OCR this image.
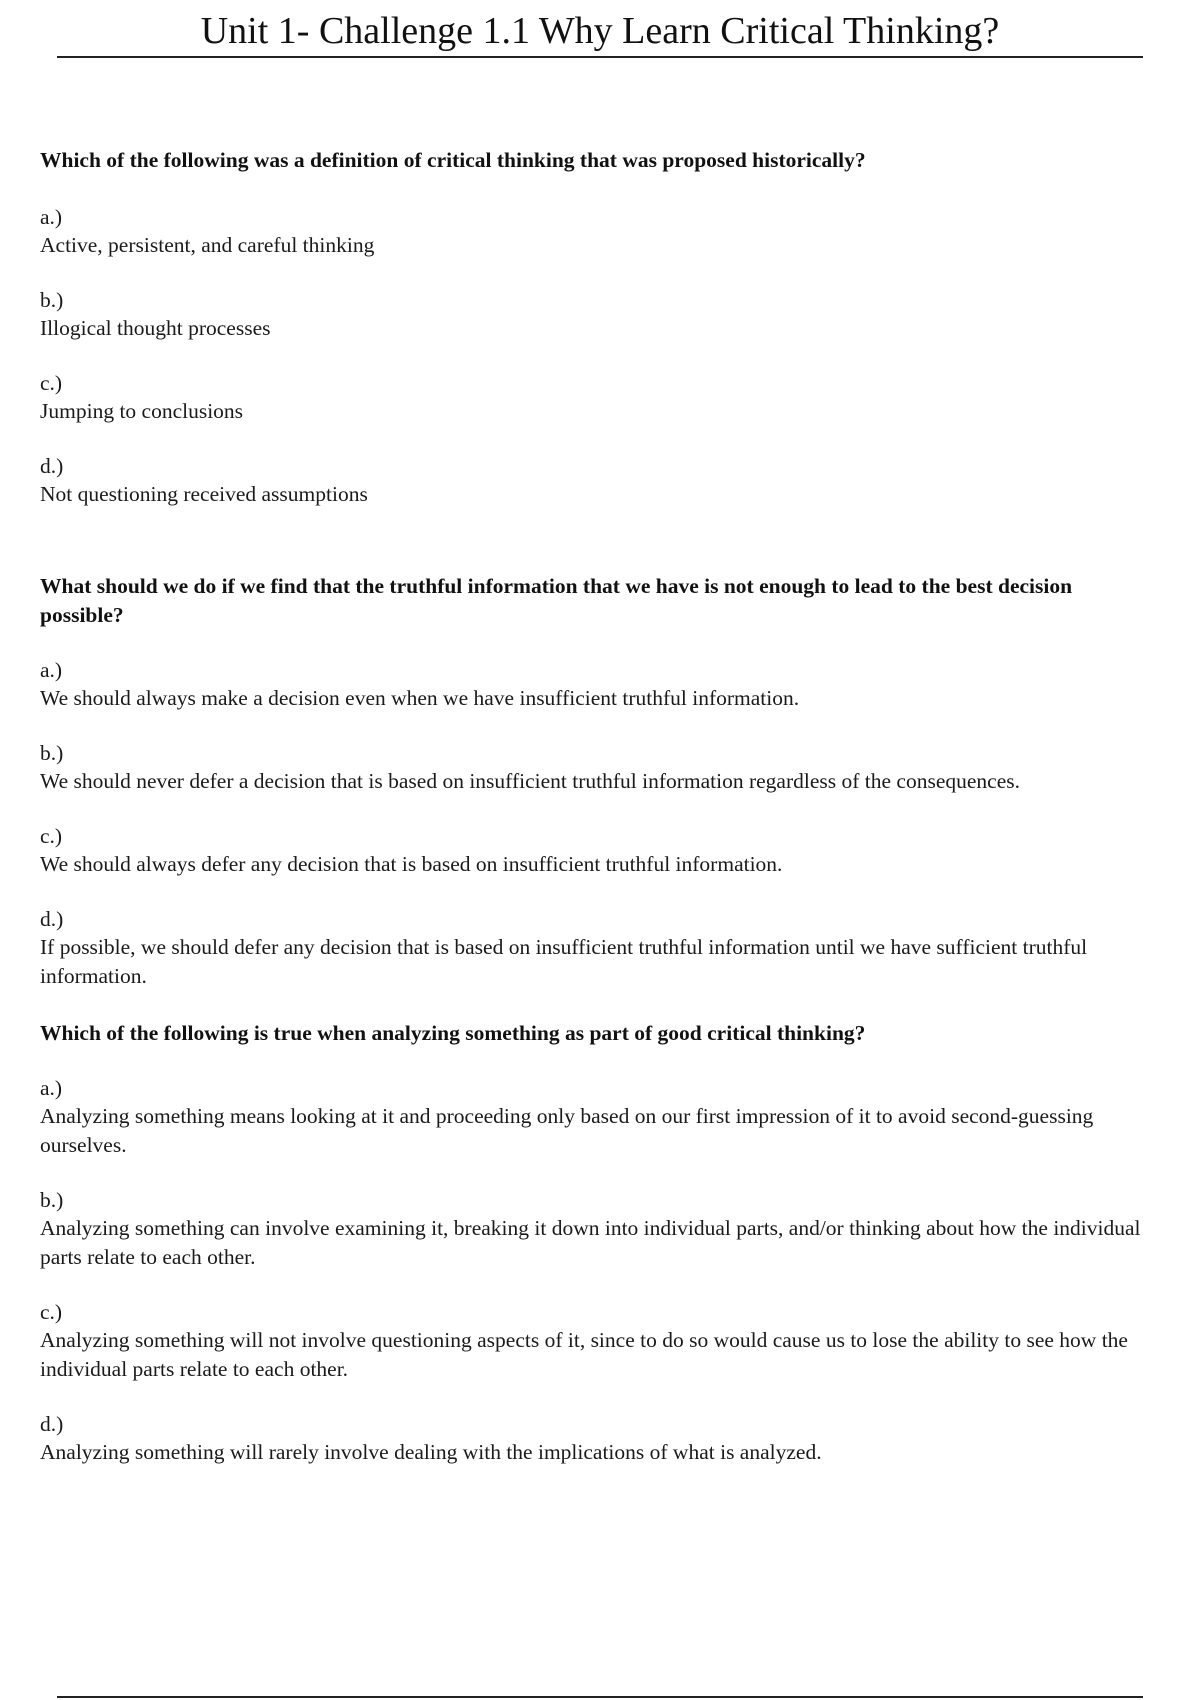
Unit 1- Challenge 1.1 Why Learn Critical Thinking?

Which of the following was a definition of critical thinking that was proposed historically?

a.)
Active, persistent, and careful thinking
b.)
Illogical thought processes
c.)
Jumping to conclusions
d.)
Not questioning received assumptions

What should we do if we find that the truthful information that we have is not enough to lead to the best decision possible?

a.)
We should always make a decision even when we have insufficient truthful information.
b.)
We should never defer a decision that is based on insufficient truthful information regardless of the consequences.
c.)
We should always defer any decision that is based on insufficient truthful information.
d.)
If possible, we should defer any decision that is based on insufficient truthful information until we have sufficient truthful information.

Which of the following is true when analyzing something as part of good critical thinking?

a.)
Analyzing something means looking at it and proceeding only based on our first impression of it to avoid second-guessing ourselves.
b.)
Analyzing something can involve examining it, breaking it down into individual parts, and/or thinking about how the individual parts relate to each other.
c.)
Analyzing something will not involve questioning aspects of it, since to do so would cause us to lose the ability to see how the individual parts relate to each other.
d.)
Analyzing something will rarely involve dealing with the implications of what is analyzed.
